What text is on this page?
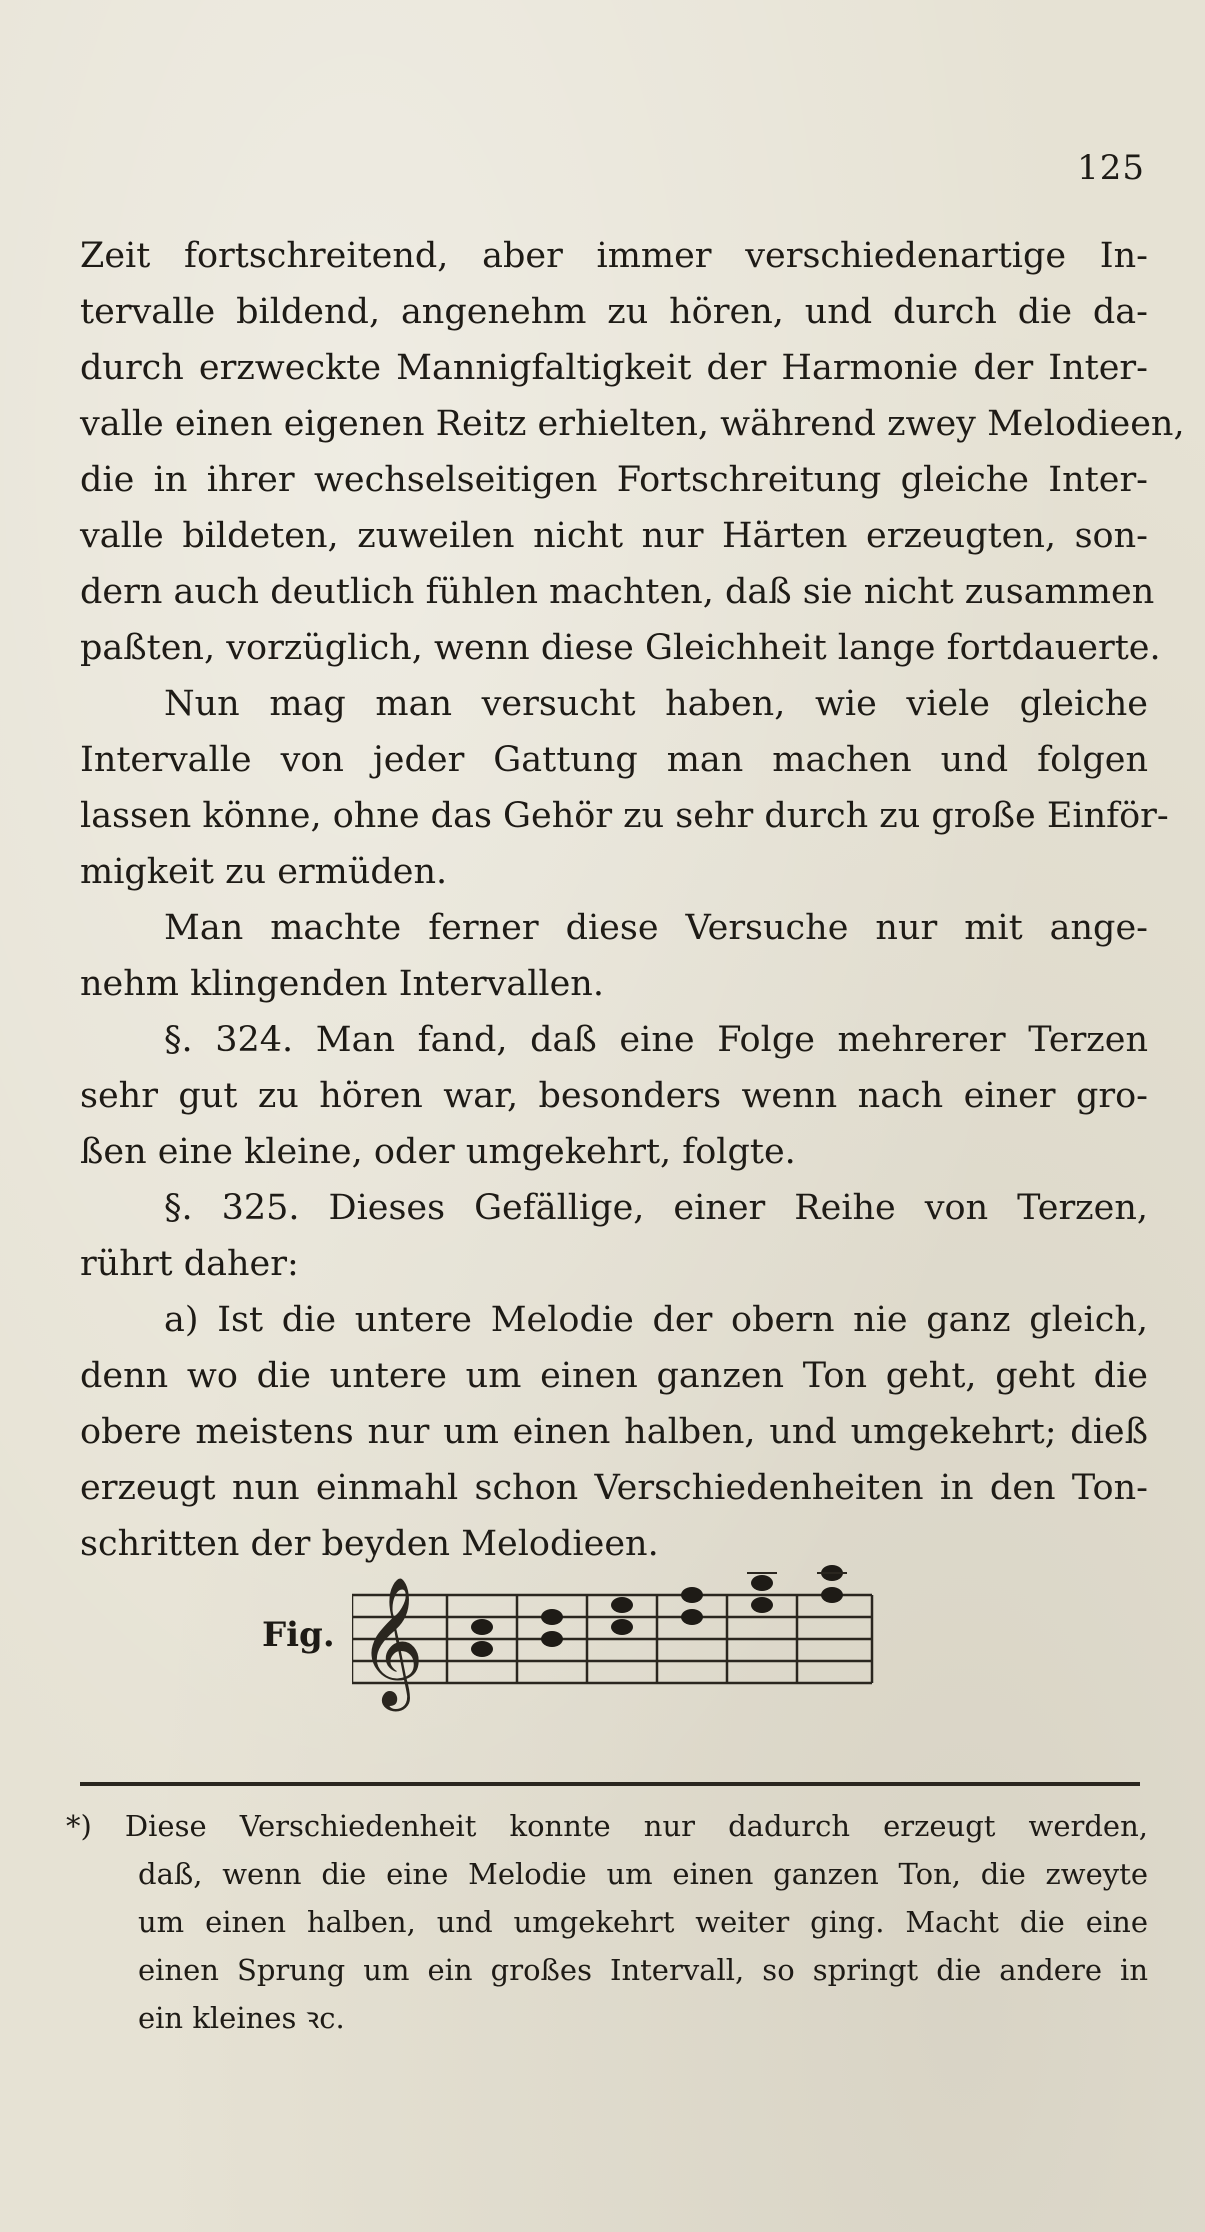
125
Zeit fortschreitend, aber immer verschiedenartige In-
tervalle bildend, angenehm zu hören, und durch die da-
durch erzweckte Mannigfaltigkeit der Harmonie der Inter-
valle einen eigenen Reitz erhielten, während zwey Melodieen,
die in ihrer wechselseitigen Fortschreitung gleiche Inter-
valle bildeten, zuweilen nicht nur Härten erzeugten, son-
dern auch deutlich fühlen machten, daß sie nicht zusammen
paßten, vorzüglich, wenn diese Gleichheit lange fortdauerte.
Nun mag man versucht haben, wie viele gleiche
Intervalle von jeder Gattung man machen und folgen
lassen könne, ohne das Gehör zu sehr durch zu große Einför-
migkeit zu ermüden.
Man machte ferner diese Versuche nur mit ange-
nehm klingenden Intervallen.
§. 324. Man fand, daß eine Folge mehrerer Terzen
sehr gut zu hören war, besonders wenn nach einer gro-
ßen eine kleine, oder umgekehrt, folgte.
§. 325. Dieses Gefällige, einer Reihe von Terzen,
rührt daher:
a) Ist die untere Melodie der obern nie ganz gleich,
denn wo die untere um einen ganzen Ton geht, geht die
obere meistens nur um einen halben, und umgekehrt; dieß
erzeugt nun einmahl schon Verschiedenheiten in den Ton-
schritten der beyden Melodieen.
Fig. 𝄞
*) Diese Verschiedenheit konnte nur dadurch erzeugt werden,
daß, wenn die eine Melodie um einen ganzen Ton, die zweyte
um einen halben, und umgekehrt weiter ging. Macht die eine
einen Sprung um ein großes Intervall, so springt die andere in
ein kleines ꝛc.
